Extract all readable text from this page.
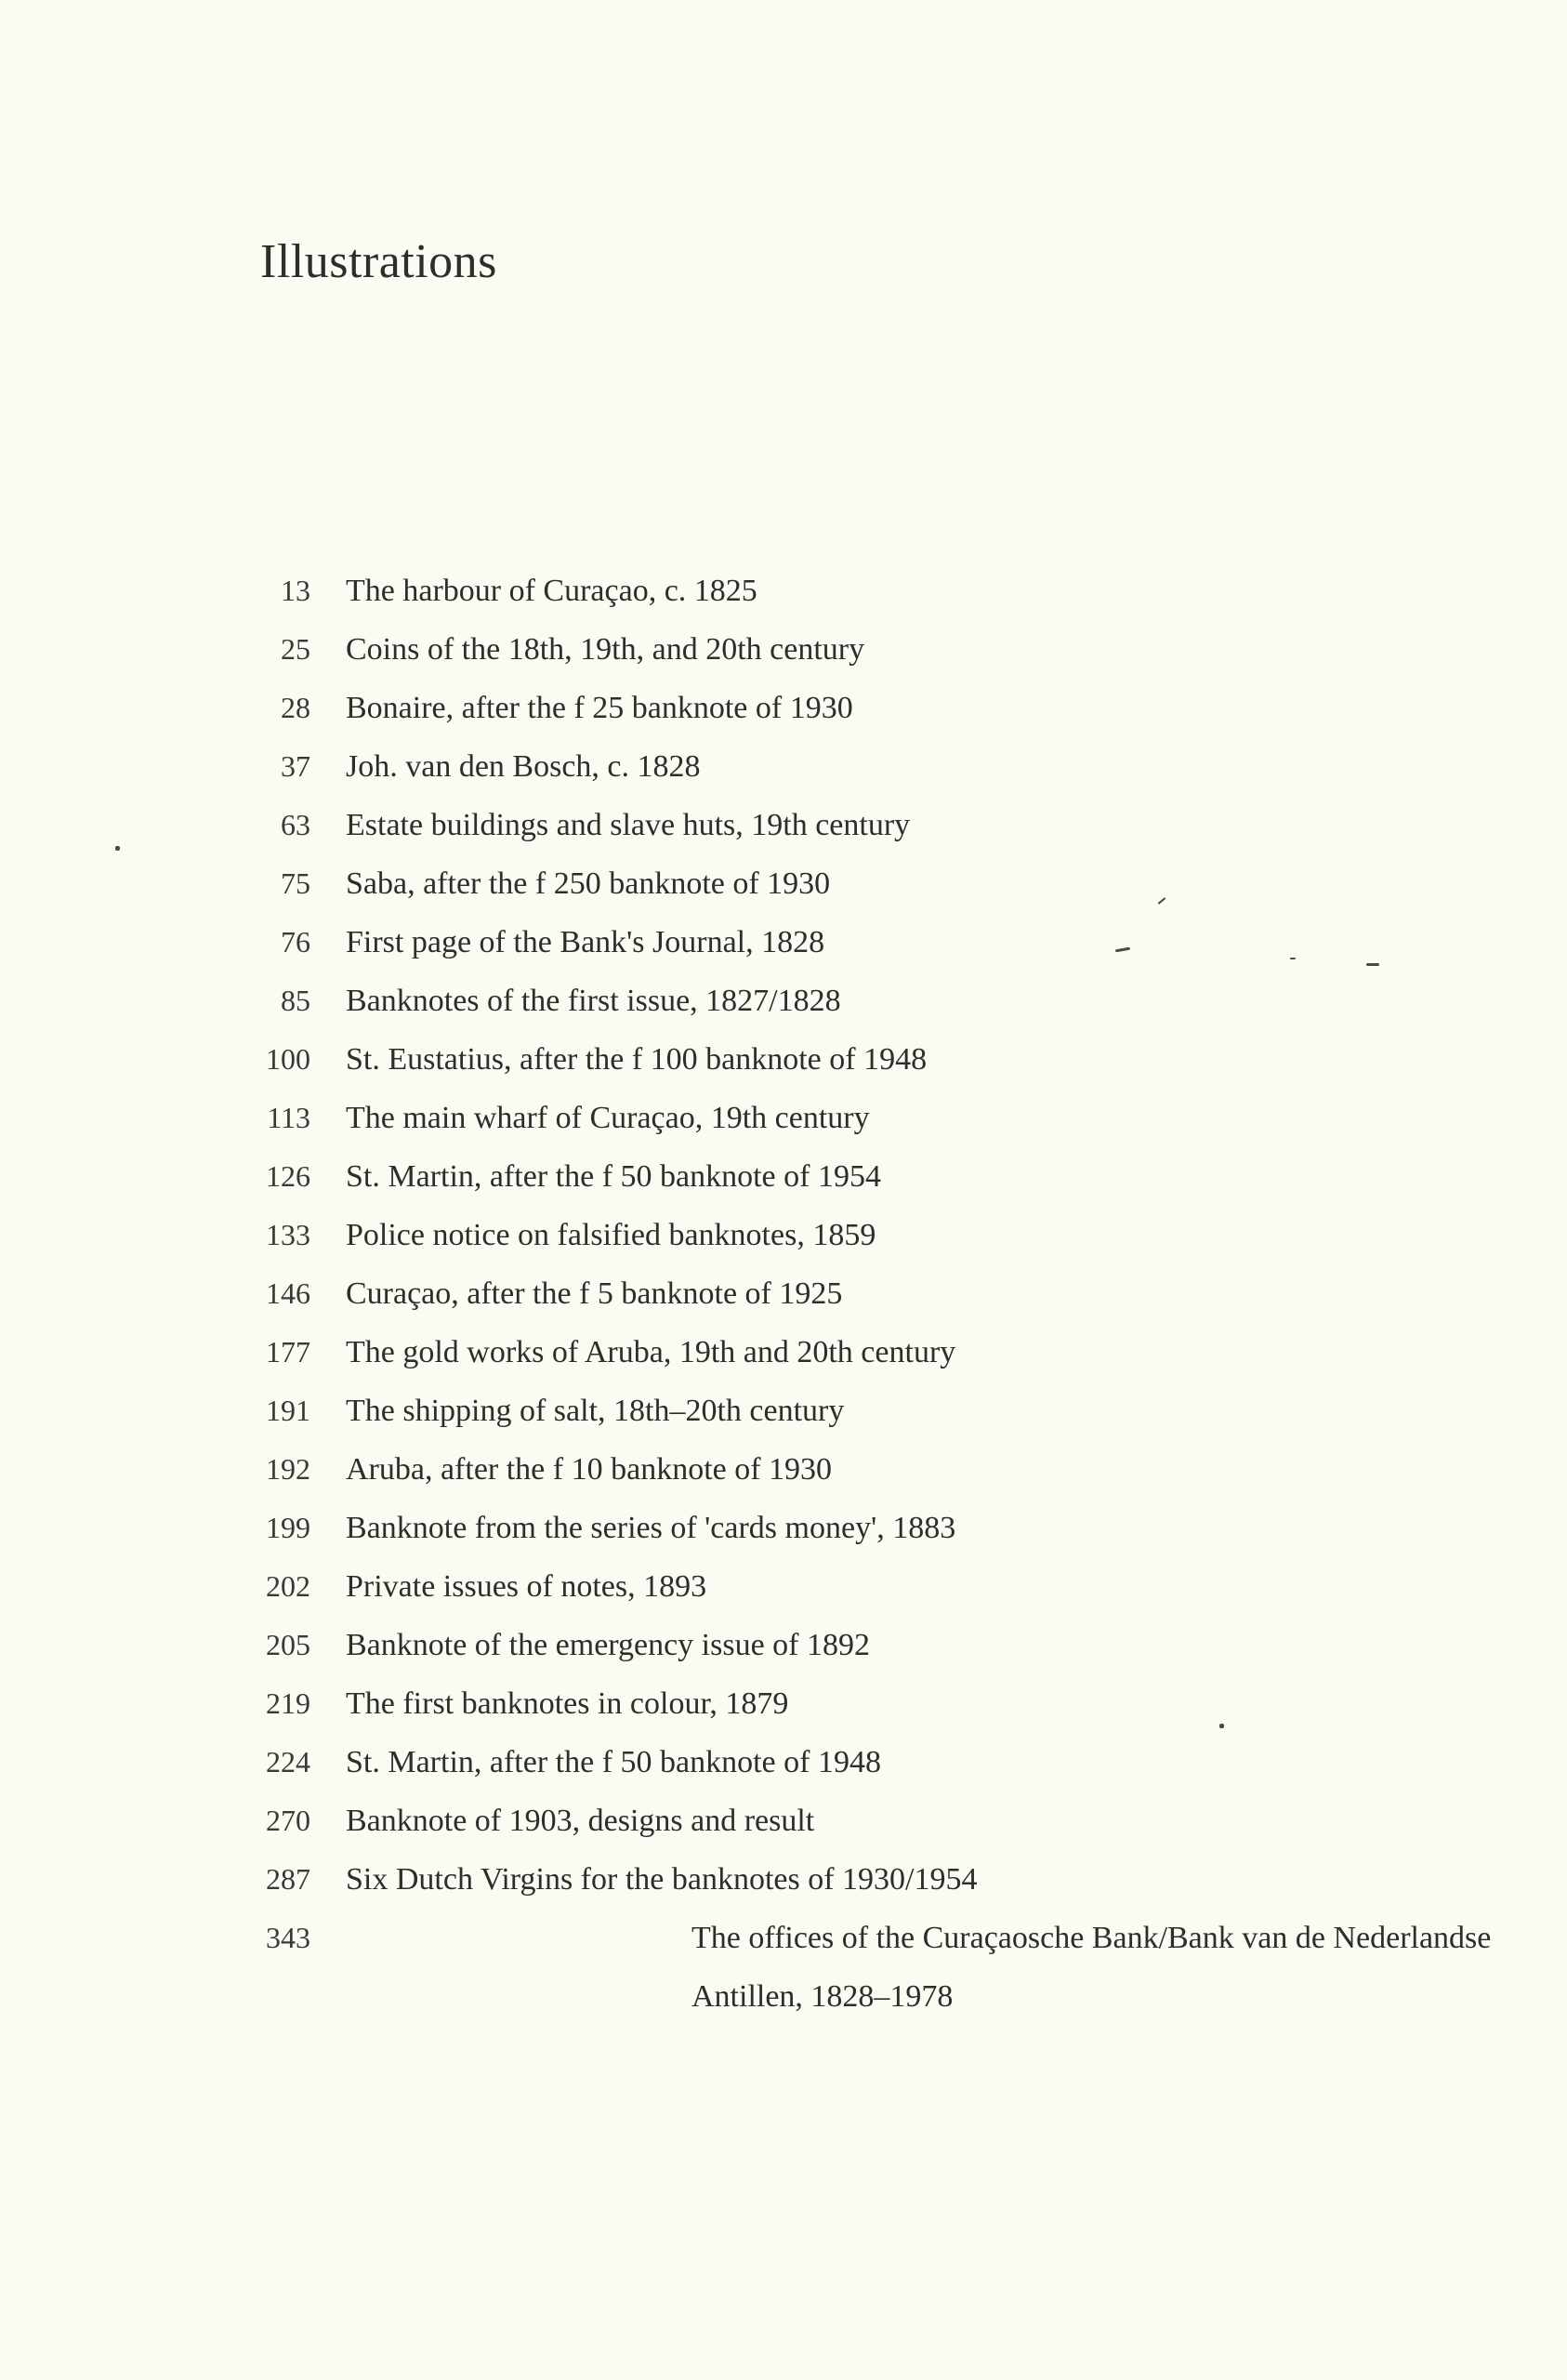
Illustrations
13 The harbour of Curaçao, c. 1825
25 Coins of the 18th, 19th, and 20th century
28 Bonaire, after the f 25 banknote of 1930
37 Joh. van den Bosch, c. 1828
63 Estate buildings and slave huts, 19th century
75 Saba, after the f 250 banknote of 1930
76 First page of the Bank's Journal, 1828
85 Banknotes of the first issue, 1827/1828
100 St. Eustatius, after the f 100 banknote of 1948
113 The main wharf of Curaçao, 19th century
126 St. Martin, after the f 50 banknote of 1954
133 Police notice on falsified banknotes, 1859
146 Curaçao, after the f 5 banknote of 1925
177 The gold works of Aruba, 19th and 20th century
191 The shipping of salt, 18th–20th century
192 Aruba, after the f 10 banknote of 1930
199 Banknote from the series of 'cards money', 1883
202 Private issues of notes, 1893
205 Banknote of the emergency issue of 1892
219 The first banknotes in colour, 1879
224 St. Martin, after the f 50 banknote of 1948
270 Banknote of 1903, designs and result
287 Six Dutch Virgins for the banknotes of 1930/1954
343	The offices of the Curaçaosche Bank/Bank van de Nederlandse
Antillen, 1828–1978
